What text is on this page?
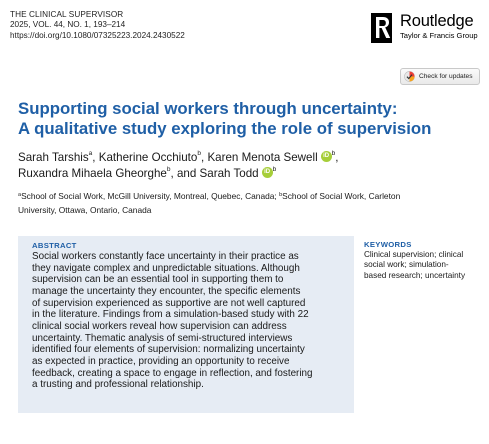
THE CLINICAL SUPERVISOR
2025, VOL. 44, NO. 1, 193–214
https://doi.org/10.1080/07325223.2024.2430522
Routledge
Taylor & Francis Group
Check for updates
Supporting social workers through uncertainty:
A qualitative study exploring the role of supervision
Sarah Tarshis$^a$ , Katherine Occhiuto$^b$ , Karen Menota Sewell iD $^b$ ,
Ruxandra Mihaela Gheorghe$^b$ , and Sarah Todd iD $^b$
$^a$School of Social Work, McGill University, Montreal, Quebec, Canada; $^b$School of Social Work, Carleton
University, Ottawa, Ontario, Canada
ABSTRACT
Social workers constantly face uncertainty in their practice as
they navigate complex and unpredictable situations. Although
supervision can be an essential tool in supporting them to
manage the uncertainty they encounter, the specific elements
of supervision experienced as supportive are not well captured
in the literature. Findings from a simulation-based study with 22
clinical social workers reveal how supervision can address
uncertainty. Thematic analysis of semi-structured interviews
identified four elements of supervision: normalizing uncertainty
as expected in practice, providing an opportunity to receive
feedback, creating a space to engage in reflection, and fostering
a trusting and professional relationship.
KEYWORDS
Clinical supervision; clinical
social work; simulation-
based research; uncertainty
